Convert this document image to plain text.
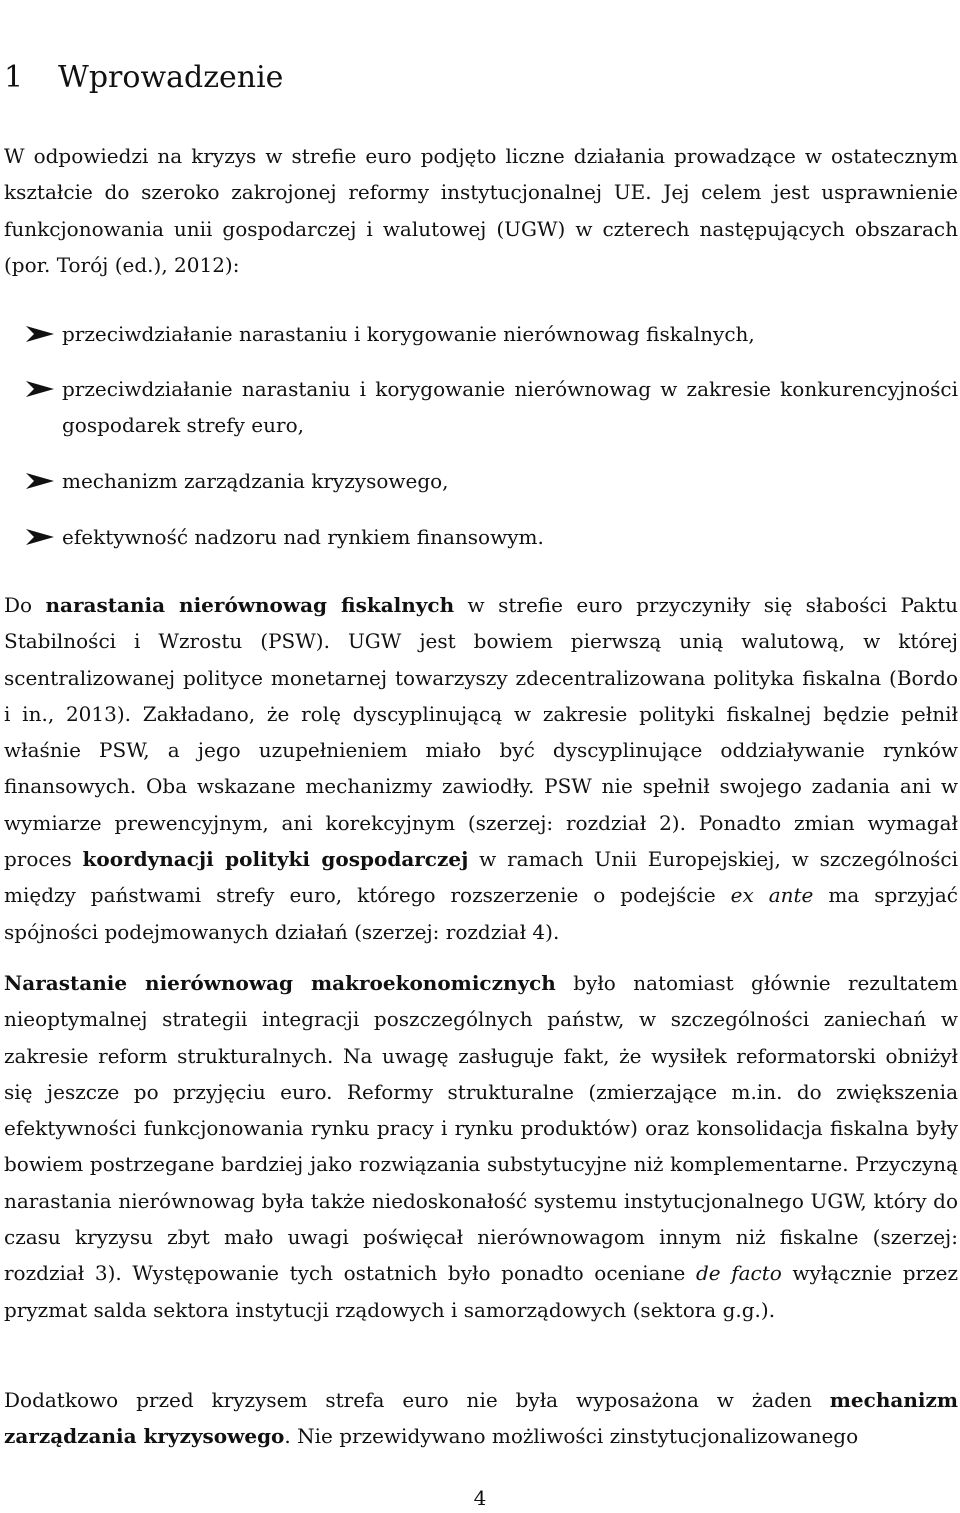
1 Wprowadzenie

W odpowiedzi na kryzys w strefie euro podjęto liczne działania prowadzące w ostatecznym kształcie do szeroko zakrojonej reformy instytucjonalnej UE. Jej celem jest usprawnienie funkcjonowania unii gospodarczej i walutowej (UGW) w czterech następujących obszarach (por. Torój (ed.), 2012):

przeciwdziałanie narastaniu i korygowanie nierównowag fiskalnych,
przeciwdziałanie narastaniu i korygowanie nierównowag w zakresie konkurencyjności gospodarek strefy euro,
mechanizm zarządzania kryzysowego,
efektywność nadzoru nad rynkiem finansowym.

Do narastania nierównowag fiskalnych w strefie euro przyczyniły się słabości Paktu Stabilności i Wzrostu (PSW). UGW jest bowiem pierwszą unią walutową, w której scentralizowanej polityce monetarnej towarzyszy zdecentralizowana polityka fiskalna (Bordo i in., 2013). Zakładano, że rolę dyscyplinującą w zakresie polityki fiskalnej będzie pełnił właśnie PSW, a jego uzupełnieniem miało być dyscyplinujące oddziaływanie rynków finansowych. Oba wskazane mechanizmy zawiodły. PSW nie spełnił swojego zadania ani w wymiarze prewencyjnym, ani korekcyjnym (szerzej: rozdział 2). Ponadto zmian wymagał proces koordynacji polityki gospodarczej w ramach Unii Europejskiej, w szczególności między państwami strefy euro, którego rozszerzenie o podejście ex ante ma sprzyjać spójności podejmowanych działań (szerzej: rozdział 4).

Narastanie nierównowag makroekonomicznych było natomiast głównie rezultatem nieoptymalnej strategii integracji poszczególnych państw, w szczególności zaniechań w zakresie reform strukturalnych. Na uwagę zasługuje fakt, że wysiłek reformatorski obniżył się jeszcze po przyjęciu euro. Reformy strukturalne (zmierzające m.in. do zwiększenia efektywności funkcjonowania rynku pracy i rynku produktów) oraz konsolidacja fiskalna były bowiem postrzegane bardziej jako rozwiązania substytucyjne niż komplementarne. Przyczyną narastania nierównowag była także niedoskonałość systemu instytucjonalnego UGW, który do czasu kryzysu zbyt mało uwagi poświęcał nierównowagom innym niż fiskalne (szerzej: rozdział 3). Występowanie tych ostatnich było ponadto oceniane de facto wyłącznie przez pryzmat salda sektora instytucji rządowych i samorządowych (sektora g.g.).

Dodatkowo przed kryzysem strefa euro nie była wyposażona w żaden mechanizm zarządzania kryzysowego. Nie przewidywano możliwości zinstytucjonalizowanego

4
